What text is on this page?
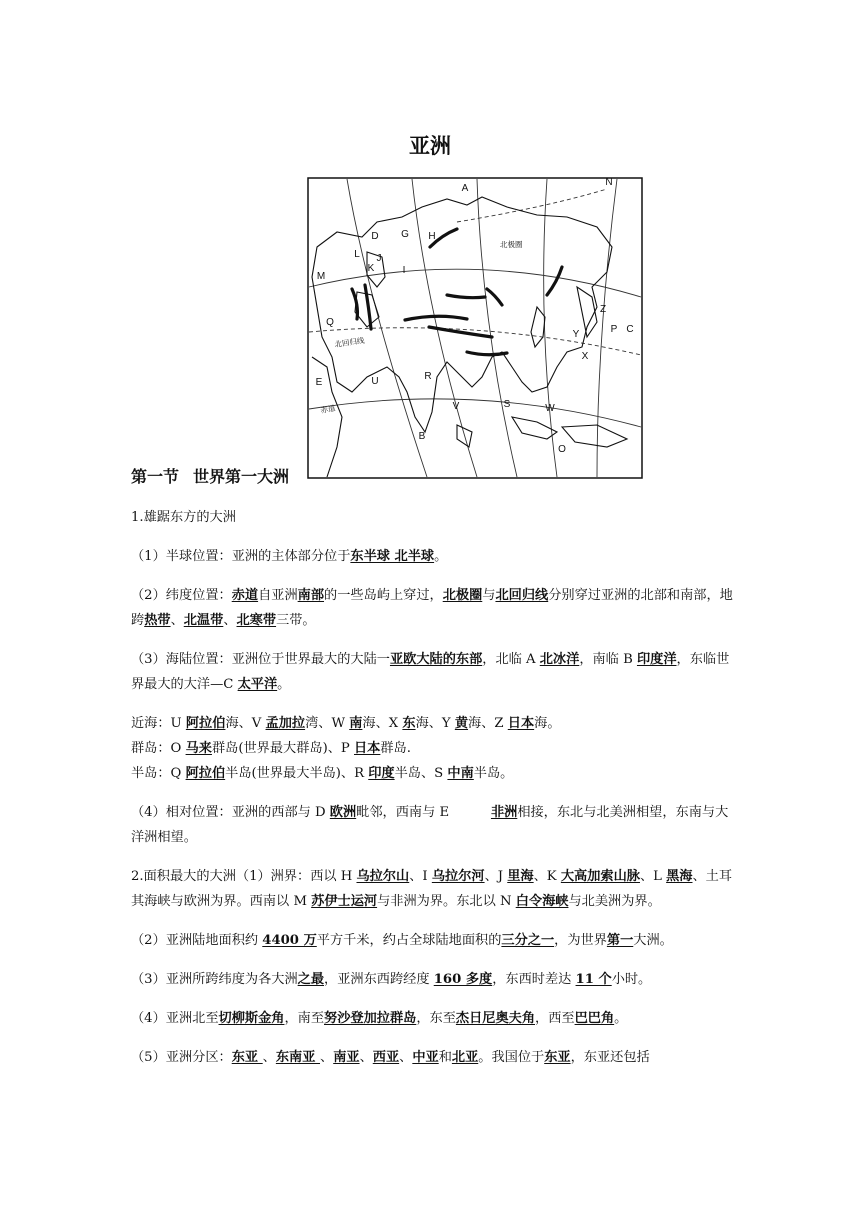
亚洲
A
N
D	H
L
K	I
J
M
Q
E	U	R
V	S	W
B
O
X
Y
Z
P C
G
北极圈
北回归线
赤道
第一节 世界第一大洲

1.雄踞东方的大洲

（1）半球位置：亚洲的主体部分位于东半球 北半球。

（2）纬度位置：赤道自亚洲南部的一些岛屿上穿过，北极圈与北回归线分别穿过亚洲的北部和南部，地跨热带、北温带、北寒带三带。

（3）海陆位置：亚洲位于世界最大的大陆一亚欧大陆的东部，北临 A 北冰洋，南临 B 印度洋，东临世界最大的大洋—C 太平洋。

近海：U 阿拉伯海、V 孟加拉湾、W 南海、X 东海、Y 黄海、Z 日本海。

群岛：O 马来群岛(世界最大群岛)、P 日本群岛.

半岛：Q 阿拉伯半岛(世界最大半岛)、R 印度半岛、S 中南半岛。

（4）相对位置：亚洲的西部与 D 欧洲毗邻，西南与 E	非洲相接，东北与北美洲相望，东南与大洋洲相望。

2.面积最大的大洲（1）洲界：西以 H 乌拉尔山、I 乌拉尔河、J 里海、K 大高加索山脉、L 黑海、土耳其海峡与欧洲为界。西南以 M 苏伊士运河与非洲为界。东北以 N 白令海峡与北美洲为界。

（2）亚洲陆地面积约 4400 万平方千米，约占全球陆地面积的三分之一，为世界第一大洲。

（3）亚洲所跨纬度为各大洲之最，亚洲东西跨经度 160 多度，东西时差达 11 个小时。

（4）亚洲北至切柳斯金角，南至努沙登加拉群岛，东至杰日尼奥夫角，西至巴巴角。

（5）亚洲分区：东亚 、东南亚 、南亚、西亚、中亚和北亚。我国位于东亚，东亚还包括
